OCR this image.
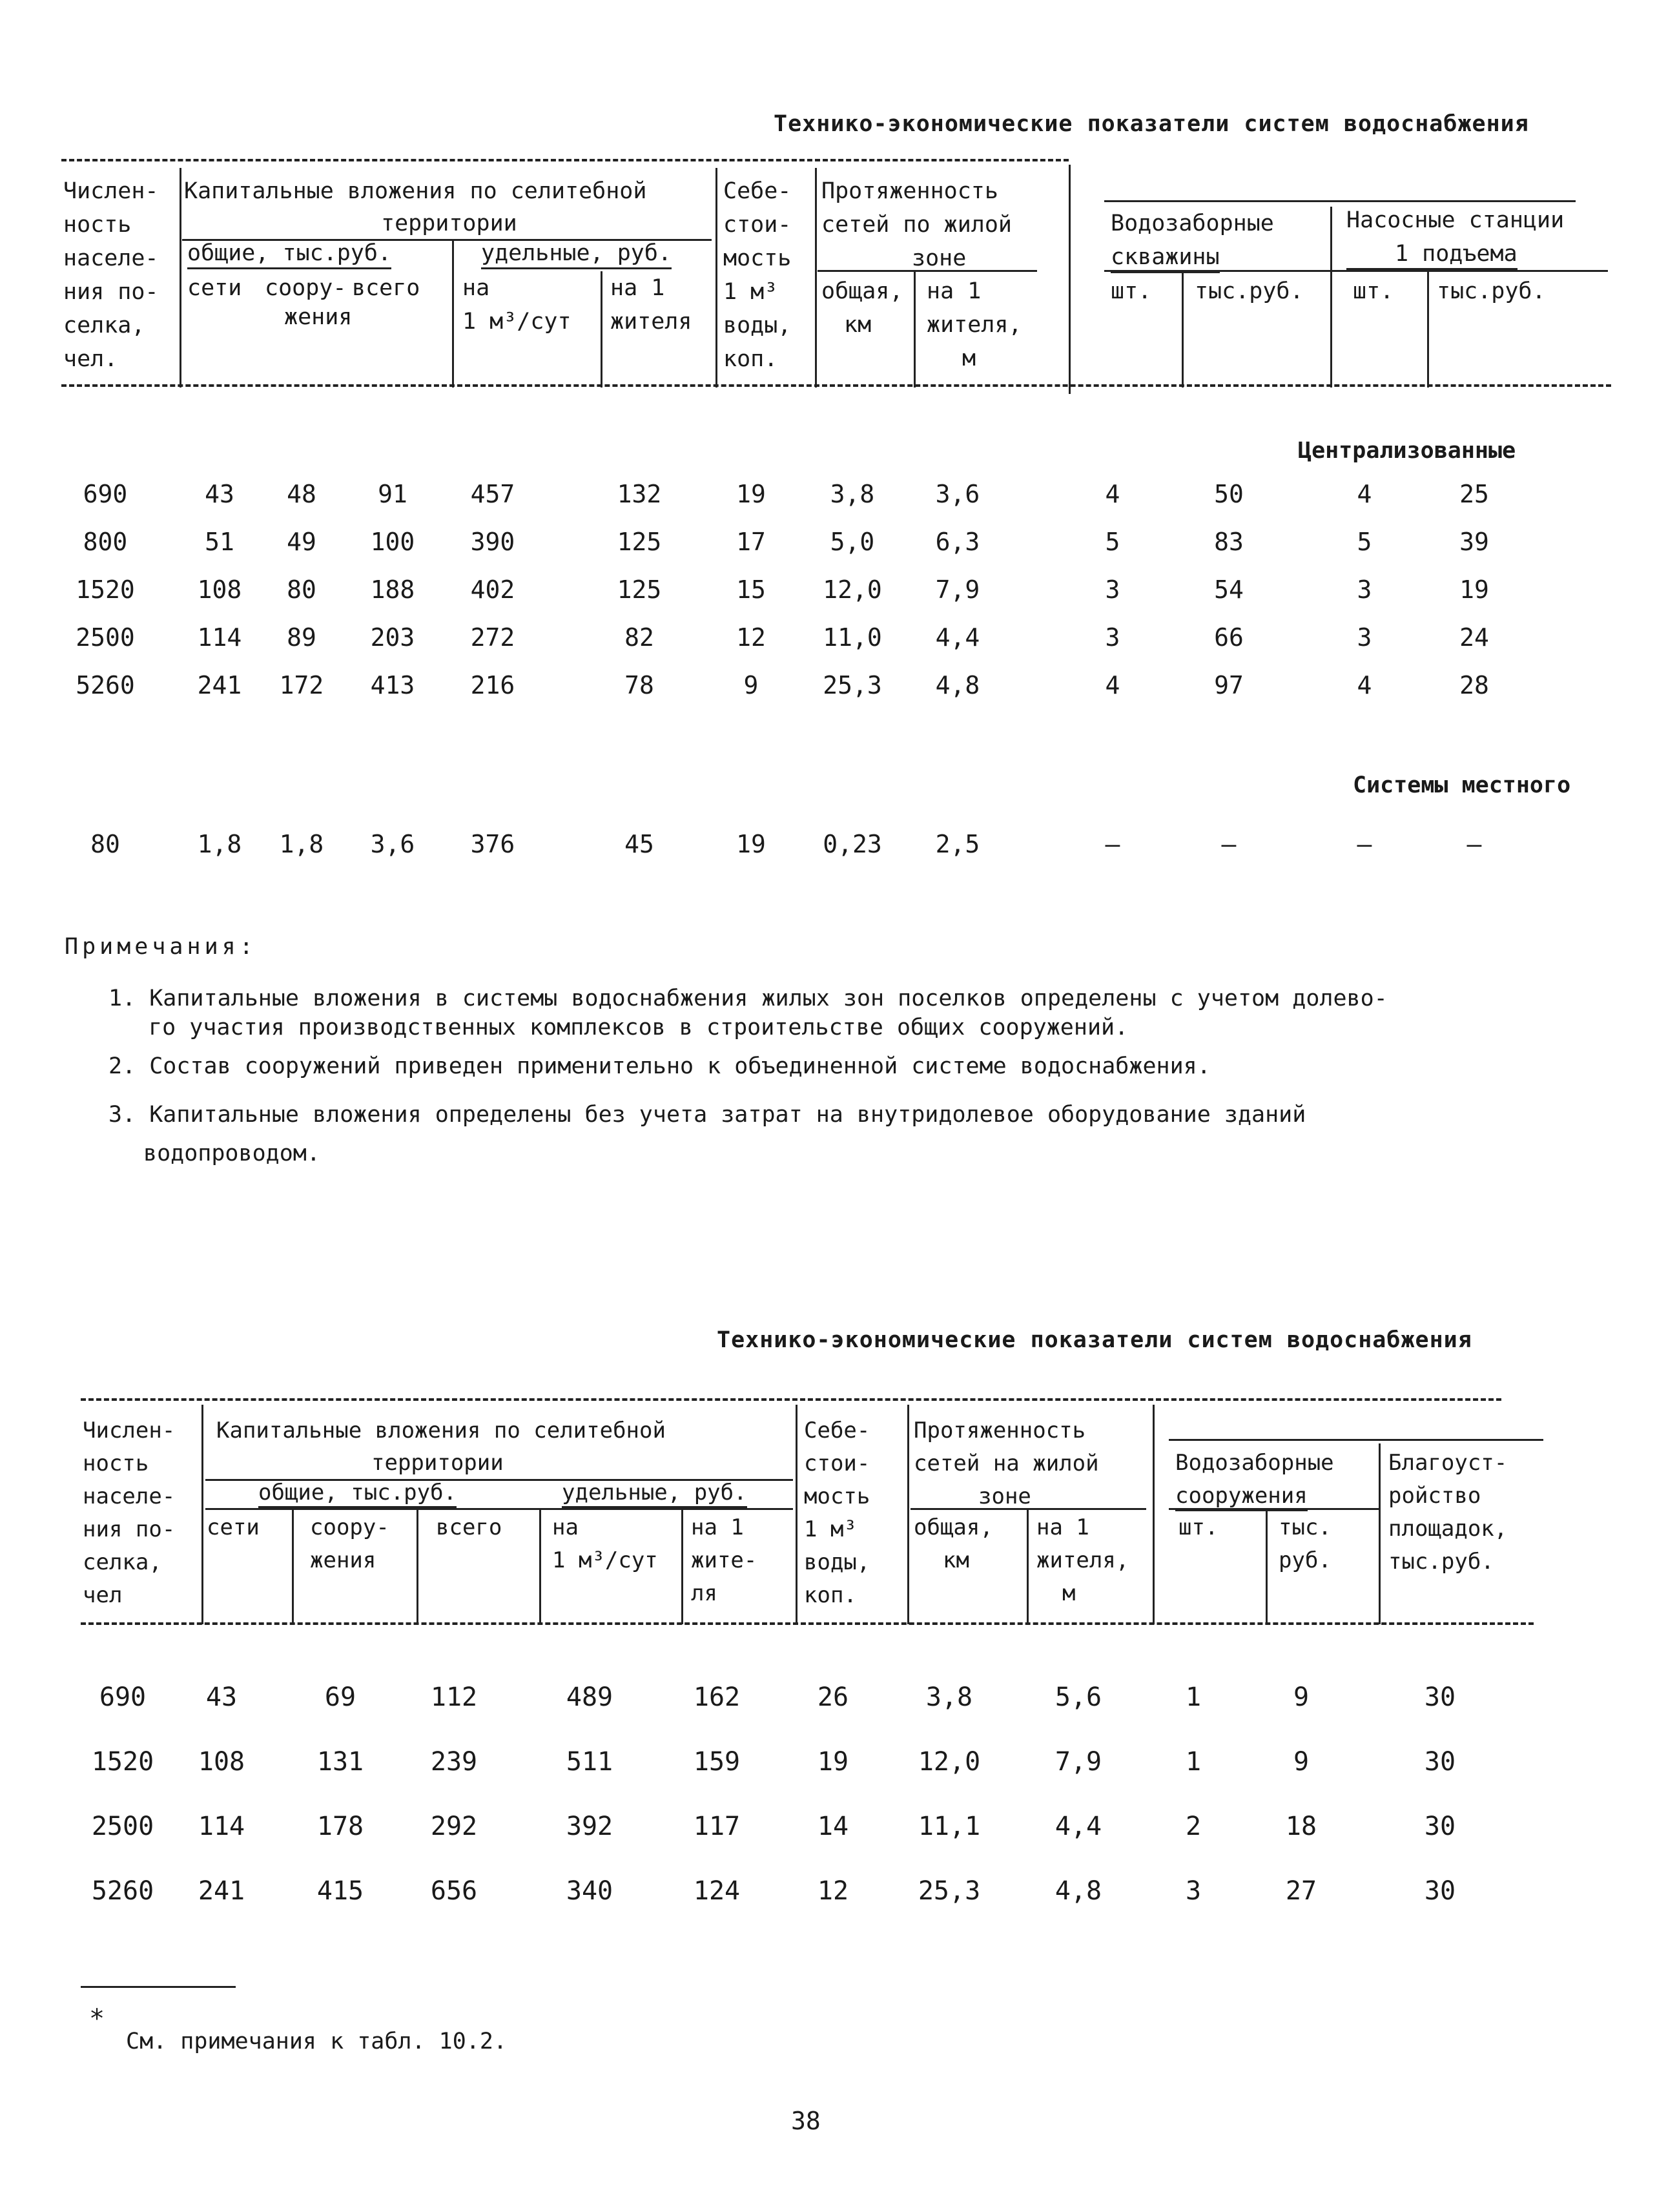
Технико-экономические показатели систем водоснабжения
Числен-
ность
населе-
ния по-
селка,
чел.
Капитальные вложения по селитебной
территории
общие, тыс.руб.	удельные, руб.
сети соору- всего
жения
на
1 м³/сут
на 1
жителя
Себе-
стои-
мость
1 м³
воды,
коп.
Протяженность
сетей по жилой
зоне
общая,
км
на 1
жителя,
м
Водозаборные
скважины
Насосные станции
1 подъема
шт. тыс.руб. шт. тыс.руб.
Централизованные
690	43	48	91	457	132	19	3,8	3,6	4	50	4	25
800	51	49	100	390	125	17	5,0	6,3	5	83	5	39
1520	108	80	188	402	125	15	12,0	7,9	3	54	3	19
2500	114	89	203	272	82	12	11,0	4,4	3	66	3	24
5260	241	172	413	216	78	9	25,3	4,8	4	97	4	28
Системы местного
80	1,8	1,8	3,6	376	45	19	0,23	2,5	–	–	–	–
Примечания:
1. Капитальные вложения в системы водоснабжения жилых зон поселков определены с учетом долево-
го участия производственных комплексов в строительстве общих сооружений.
2. Состав сооружений приведен применительно к объединенной системе водоснабжения.
3. Капитальные вложения определены без учета затрат на внутридолевое оборудование зданий
водопроводом.
Технико-экономические показатели систем водоснабжения
Числен-
ность
населе-
ния по-
селка,
чел
Капитальные вложения по селитебной
территории
общие, тыс.руб.	удельные, руб.
сети соору-
жения
всего на
1 м³/сут
на 1
жите-
ля
Себе-
стои-
мость
1 м³
воды,
коп.
Протяженность
сетей на жилой
зоне
общая,
км
на 1
жителя,
м
Водозаборные
сооружения
шт.	тыс.
руб.
Благоуст-
ройство
площадок,
тыс.руб.
690	43	69	112	489	162	26	3,8	5,6	1	9	30
1520	108	131	239	511	159	19	12,0	7,9	1	9	30
2500	114	178	292	392	117	14	11,1	4,4	2	18	30
5260	241	415	656	340	124	12	25,3	4,8	3	27	30
*
См. примечания к табл. 10.2.
38
